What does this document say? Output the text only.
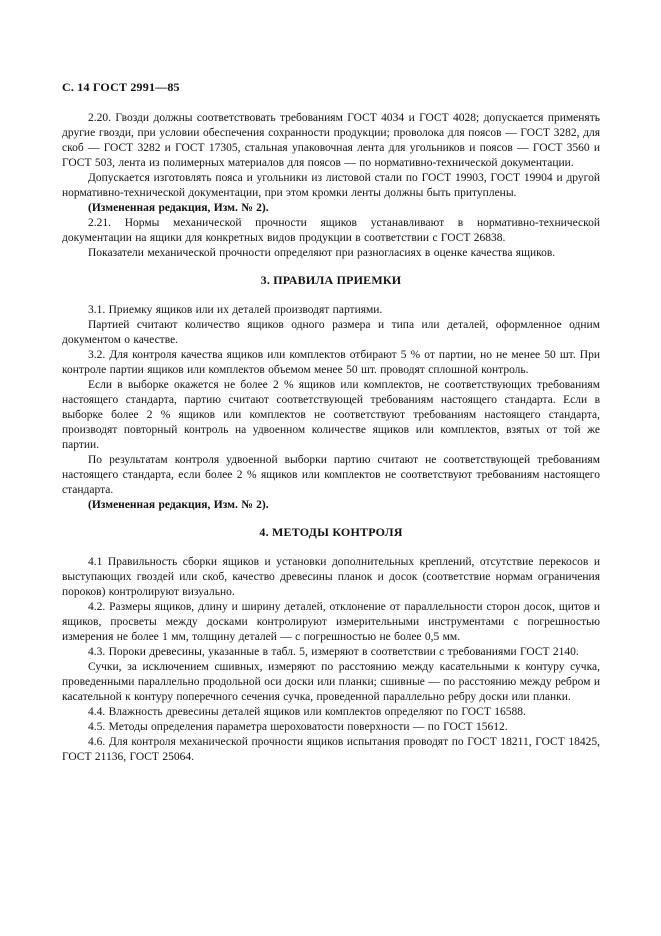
С. 14 ГОСТ 2991—85

2.20. Гвозди должны соответствовать требованиям ГОСТ 4034 и ГОСТ 4028; допускается применять другие гвозди, при условии обеспечения сохранности продукции; проволока для поясов — ГОСТ 3282, для скоб — ГОСТ 3282 и ГОСТ 17305, стальная упаковочная лента для угольников и поясов — ГОСТ 3560 и ГОСТ 503, лента из полимерных материалов для поясов — по нормативно-технической документации.

Допускается изготовлять пояса и угольники из листовой стали по ГОСТ 19903, ГОСТ 19904 и другой нормативно-технической документации, при этом кромки ленты должны быть притуплены.

(Измененная редакция, Изм. № 2).

2.21. Нормы механической прочности ящиков устанавливают в нормативно-технической документации на ящики для конкретных видов продукции в соответствии с ГОСТ 26838.

Показатели механической прочности определяют при разногласиях в оценке качества ящиков.

3. ПРАВИЛА ПРИЕМКИ

3.1. Приемку ящиков или их деталей производят партиями.

Партией считают количество ящиков одного размера и типа или деталей, оформленное одним документом о качестве.

3.2. Для контроля качества ящиков или комплектов отбирают 5 % от партии, но не менее 50 шт. При контроле партии ящиков или комплектов объемом менее 50 шт. проводят сплошной контроль.

Если в выборке окажется не более 2 % ящиков или комплектов, не соответствующих требованиям настоящего стандарта, партию считают соответствующей требованиям настоящего стандарта. Если в выборке более 2 % ящиков или комплектов не соответствуют требованиям настоящего стандарта, производят повторный контроль на удвоенном количестве ящиков или комплектов, взятых от той же партии.

По результатам контроля удвоенной выборки партию считают не соответствующей требованиям настоящего стандарта, если более 2 % ящиков или комплектов не соответствуют требованиям настоящего стандарта.

(Измененная редакция, Изм. № 2).

4. МЕТОДЫ КОНТРОЛЯ

4.1 Правильность сборки ящиков и установки дополнительных креплений, отсутствие перекосов и выступающих гвоздей или скоб, качество древесины планок и досок (соответствие нормам ограничения пороков) контролируют визуально.

4.2. Размеры ящиков, длину и ширину деталей, отклонение от параллельности сторон досок, щитов и ящиков, просветы между досками контролируют измерительными инструментами с погрешностью измерения не более 1 мм, толщину деталей — с погрешностью не более 0,5 мм.

4.3. Пороки древесины, указанные в табл. 5, измеряют в соответствии с требованиями ГОСТ 2140.

Сучки, за исключением сшивных, измеряют по расстоянию между касательными к контуру сучка, проведенными параллельно продольной оси доски или планки; сшивные — по расстоянию между ребром и касательной к контуру поперечного сечения сучка, проведенной параллельно ребру доски или планки.

4.4. Влажность древесины деталей ящиков или комплектов определяют по ГОСТ 16588.

4.5. Методы определения параметра шероховатости поверхности — по ГОСТ 15612.

4.6. Для контроля механической прочности ящиков испытания проводят по ГОСТ 18211, ГОСТ 18425, ГОСТ 21136, ГОСТ 25064.
